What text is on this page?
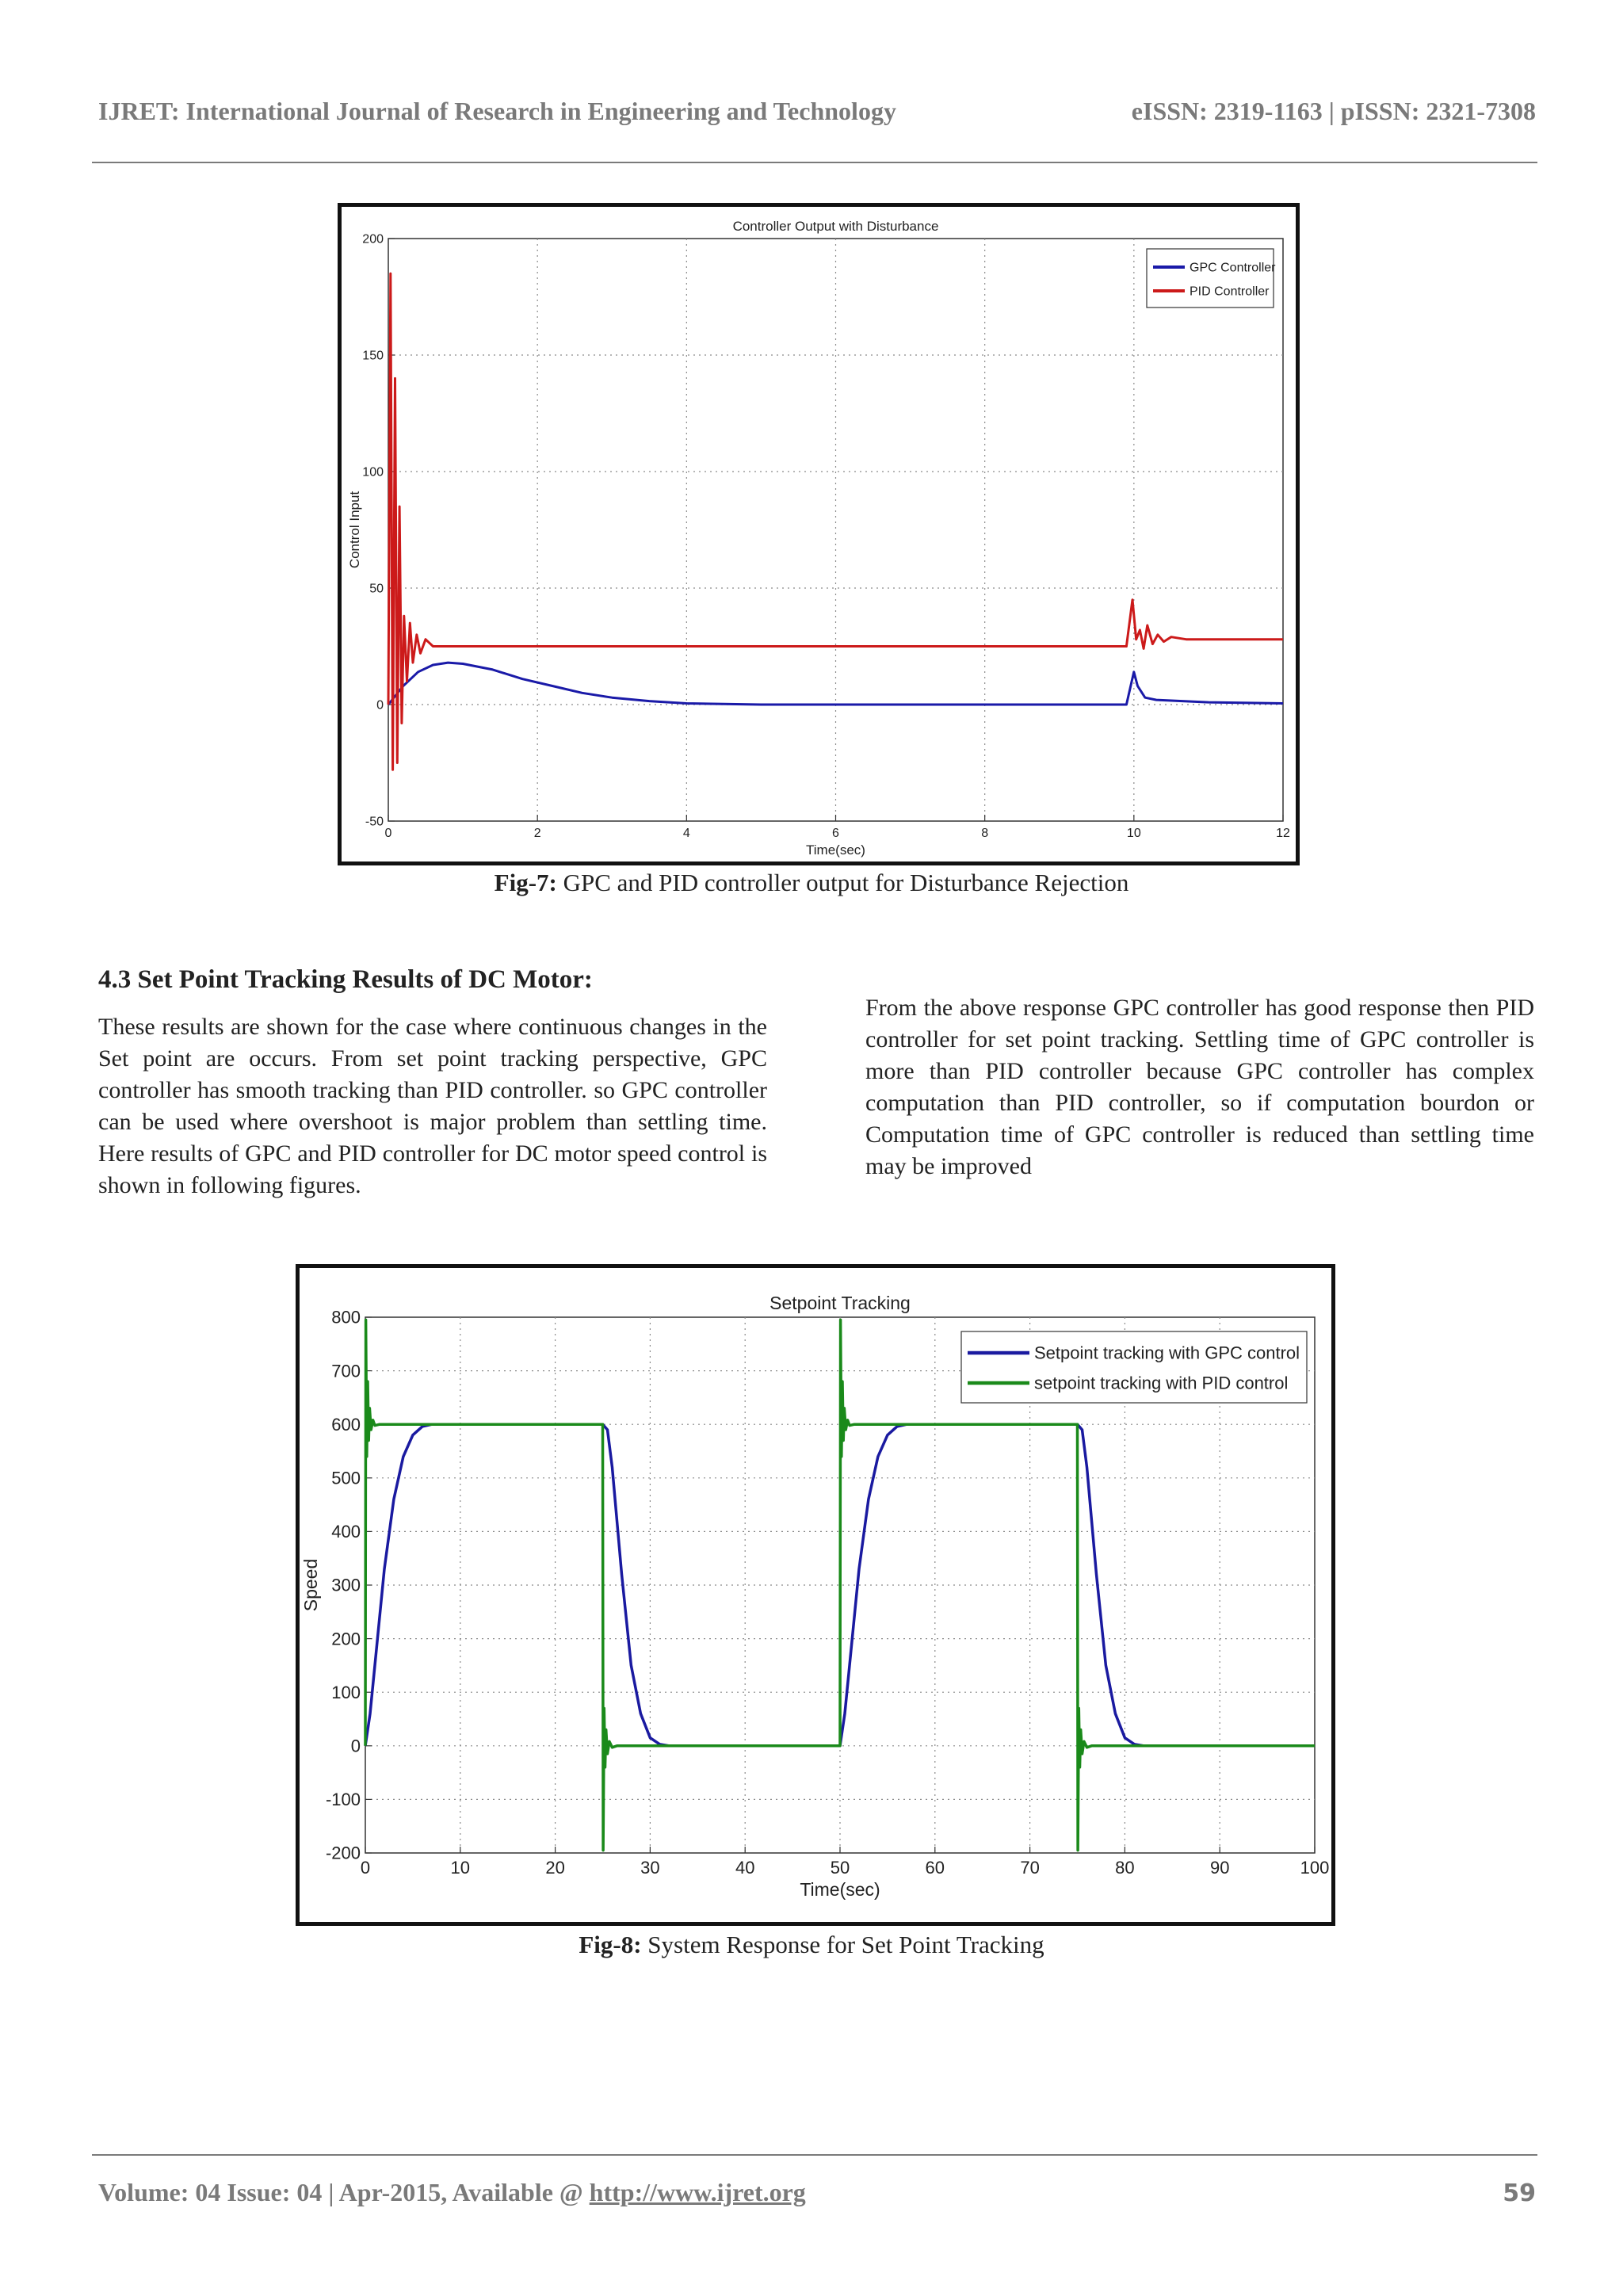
IJRET: International Journal of Research in Engineering and Technology	eISSN: 2319-1163 | pISSN: 2321-7308
0	2	4	6	8	10	12
-50
0
50
100
150
200
Controller Output with Disturbance
Time(sec)
Control Input
GPC Controller
PID Controller
Fig-7: GPC and PID controller output for Disturbance Rejection
4.3 Set Point Tracking Results of DC Motor:
These results are shown for the case where continuous changes in the Set point are occurs. From set point tracking perspective, GPC controller has smooth tracking than PID controller. so GPC controller can be used where overshoot is major problem than settling time. Here results of GPC and PID controller for DC motor speed control is shown in following figures.
From the above response GPC controller has good response then PID controller for set point tracking. Settling time of GPC controller is more than PID controller because GPC controller has complex computation than PID controller, so if computation bourdon or Computation time of GPC controller is reduced than settling time may be improved
0	10	20	30	40	50	60	70	80	90	100
-200
-100
0
100
200
300
400
500
600
700
800
Setpoint Tracking
Time(sec)
Speed
Setpoint tracking with GPC control
setpoint tracking with PID control
Fig-8: System Response for Set Point Tracking
Volume: 04 Issue: 04 | Apr-2015, Available @ http://www.ijret.org	59
